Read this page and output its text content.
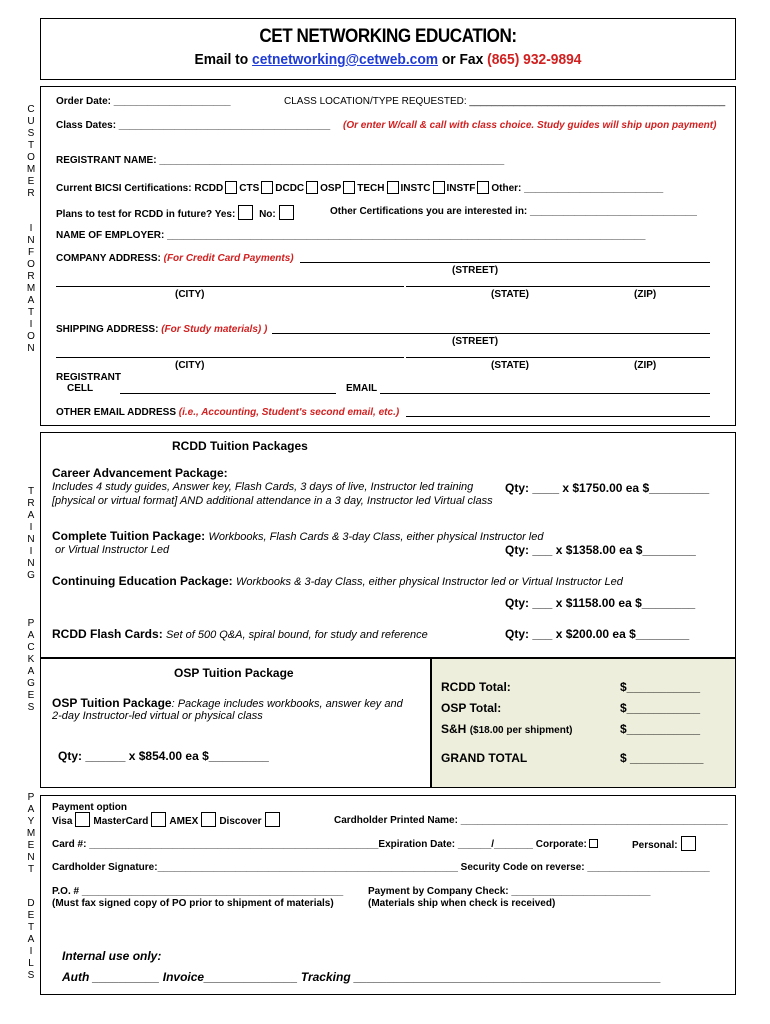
CET NETWORKING EDUCATION:
Email to cetnetworking@cetweb.com or Fax (865) 932-9894
C
U
S
T
O
M
E
R
I
N
F
O
R
M
A
T
I
O
N
T
R
A
I
N
I
N
G
P
A
C
K
A
G
E
S
P
A
Y
M
E
N
T
D
E
T
A
I
L
S
Order Date: _____________________	CLASS LOCATION/TYPE REQUESTED: ______________________________________________
Class Dates: ______________________________________ (Or enter W/call & call with class choice. Study guides will ship upon payment)
REGISTRANT NAME: ______________________________________________________________
Current BICSI Certifications: RCDD CTS DCDC OSP TECH INSTC INSTF Other: _________________________
Plans to test for RCDD in future? Yes: No:	Other Certifications you are interested in: ______________________________
NAME OF EMPLOYER: ______________________________________________________________________________________
COMPANY ADDRESS: (For Credit Card Payments)
(STREET)
(CITY)	(STATE)	(ZIP)
SHIPPING ADDRESS: (For Study materials) )
(STREET)
(CITY)	(STATE)	(ZIP)
REGISTRANT
CELL	EMAIL
OTHER EMAIL ADDRESS (i.e., Accounting, Student's second email, etc.)
RCDD Tuition Packages
Career Advancement Package:
Includes 4 study guides, Answer key, Flash Cards, 3 days of live, Instructor led training
[physical or virtual format] AND additional attendance in a 3 day, Instructor led Virtual class
Qty: ____ x $1750.00 ea $_________
Complete Tuition Package: Workbooks, Flash Cards & 3-day Class, either physical Instructor led
or Virtual Instructor Led	Qty: ___ x $1358.00 ea $________
Continuing Education Package: Workbooks & 3-day Class, either physical Instructor led or Virtual Instructor Led
Qty: ___ x $1158.00 ea $________
RCDD Flash Cards: Set of 500 Q&A, spiral bound, for study and reference	Qty: ___ x $200.00 ea $________
OSP Tuition Package
OSP Tuition Package: Package includes workbooks, answer key and
2-day Instructor-led virtual or physical class
Qty: ______ x $854.00 ea $_________
RCDD Total:	$___________
OSP Total:	$___________
S&H ($18.00 per shipment)	$___________
GRAND TOTAL	$ ___________
Payment option
Visa MasterCard AMEX Discover	Cardholder Printed Name: ________________________________________________
Card #: ____________________________________________________Expiration Date: ______/_______ Corporate:	Personal:
Cardholder Signature:______________________________________________________ Security Code on reverse: ______________________
P.O. # _______________________________________________
(Must fax signed copy of PO prior to shipment of materials)
Payment by Company Check: _________________________
(Materials ship when check is received)
Internal use only:
Auth __________ Invoice______________ Tracking ______________________________________________
